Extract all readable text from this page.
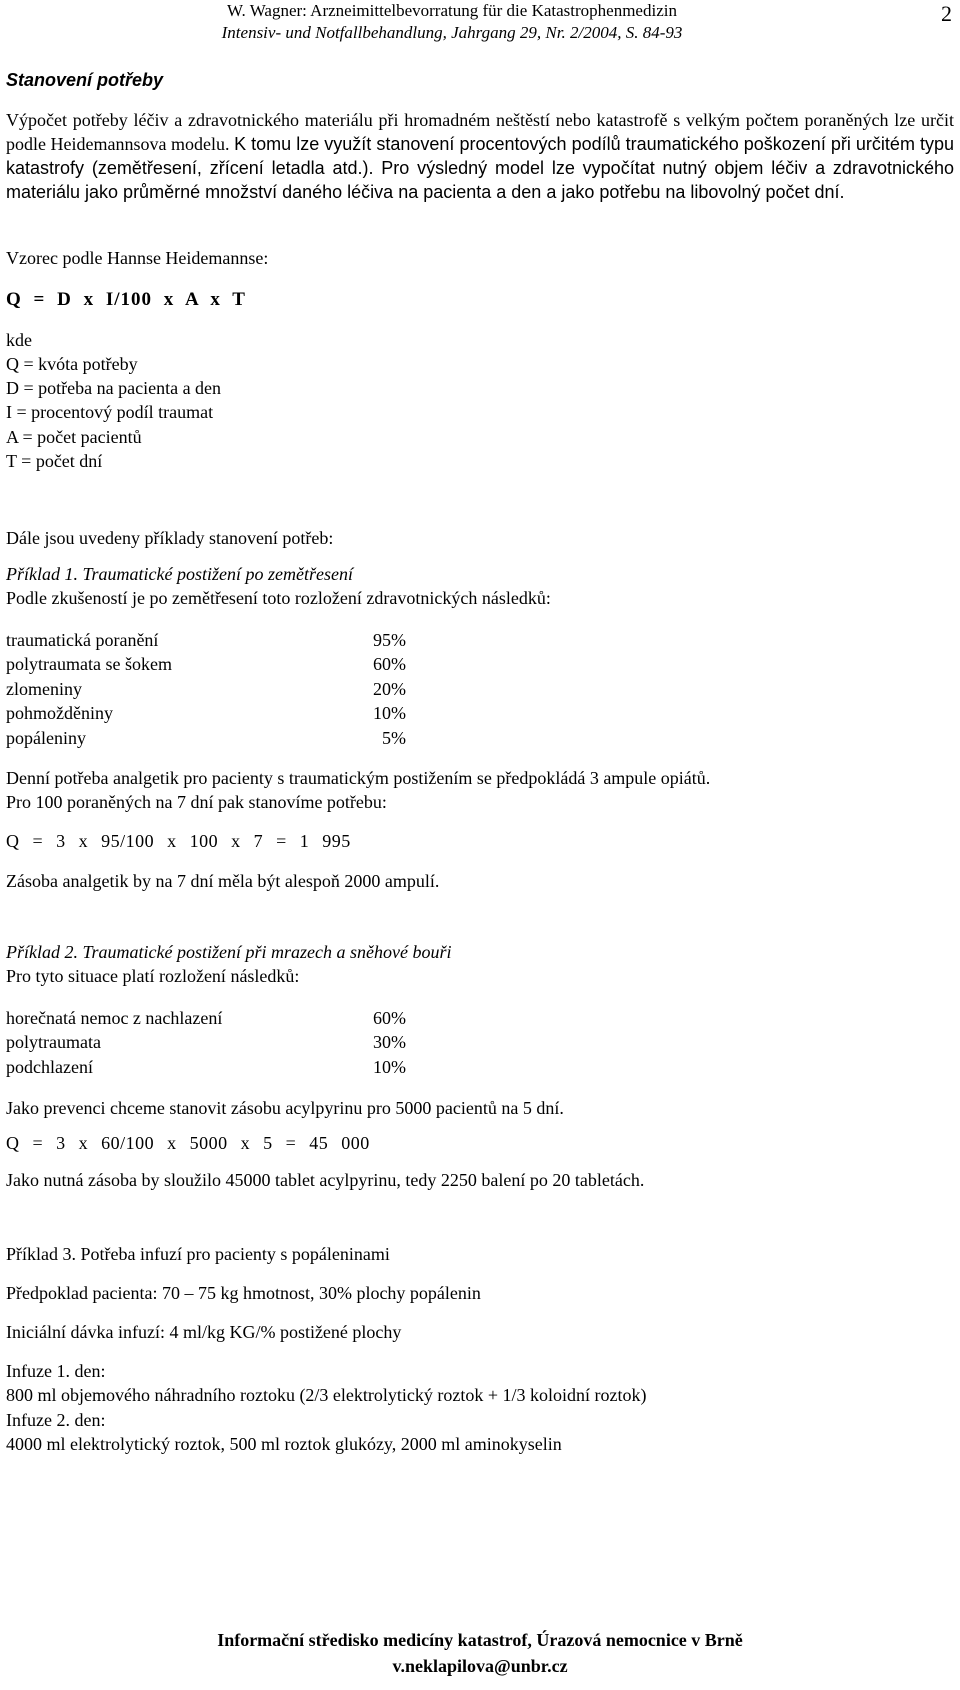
W. Wagner: Arzneimittelbevorratung für die Katastrophenmedizin
Intensiv- und Notfallbehandlung, Jahrgang 29, Nr. 2/2004, S. 84-93
2
Stanovení potřeby
Výpočet potřeby léčiv a zdravotnického materiálu při hromadném neštěstí nebo katastrofě s velkým počtem poraněných lze určit podle Heidemannsova modelu. K tomu lze využít stanovení procentových podílů traumatického poškození při určitém typu katastrofy (zemětřesení, zřícení letadla atd.). Pro výsledný model lze vypočítat nutný objem léčiv a zdravotnického materiálu jako průměrné množství daného léčiva na pacienta a den a jako potřebu na libovolný počet dní.
Vzorec podle Hannse Heidemannse:
Q = D x I/100 x A x T
kde
Q = kvóta potřeby
D = potřeba na pacienta a den
I = procentový podíl traumat
A = počet pacientů
T = počet dní
Dále jsou uvedeny příklady stanovení potřeb:
Příklad 1. Traumatické postižení po zemětřesení
Podle zkušeností je po zemětřesení toto rozložení zdravotnických následků:
traumatická poranění	95%
polytraumata se šokem	60%
zlomeniny	20%
pohmožděniny	10%
popáleniny	5%
Denní potřeba analgetik pro pacienty s traumatickým postižením se předpokládá 3 ampule opiátů.
Pro 100 poraněných na 7 dní pak stanovíme potřebu:
Q = 3 x 95/100 x 100 x 7 = 1 995
Zásoba analgetik by na 7 dní měla být alespoň 2000 ampulí.
Příklad 2. Traumatické postižení při mrazech a sněhové bouři
Pro tyto situace platí rozložení následků:
horečnatá nemoc z nachlazení	60%
polytraumata	30%
podchlazení	10%
Jako prevenci chceme stanovit zásobu acylpyrinu pro 5000 pacientů na 5 dní.
Q = 3 x 60/100 x 5000 x 5 = 45 000
Jako nutná zásoba by sloužilo 45000 tablet acylpyrinu, tedy 2250 balení po 20 tabletách.
Příklad 3. Potřeba infuzí pro pacienty s popáleninami
Předpoklad pacienta: 70 – 75 kg hmotnost, 30% plochy popálenin
Iniciální dávka infuzí: 4 ml/kg KG/% postižené plochy
Infuze 1. den:
800 ml objemového náhradního roztoku (2/3 elektrolytický roztok + 1/3 koloidní roztok)
Infuze 2. den:
4000 ml elektrolytický roztok, 500 ml roztok glukózy, 2000 ml aminokyselin
Informační středisko medicíny katastrof, Úrazová nemocnice v Brně
v.neklapilova@unbr.cz
